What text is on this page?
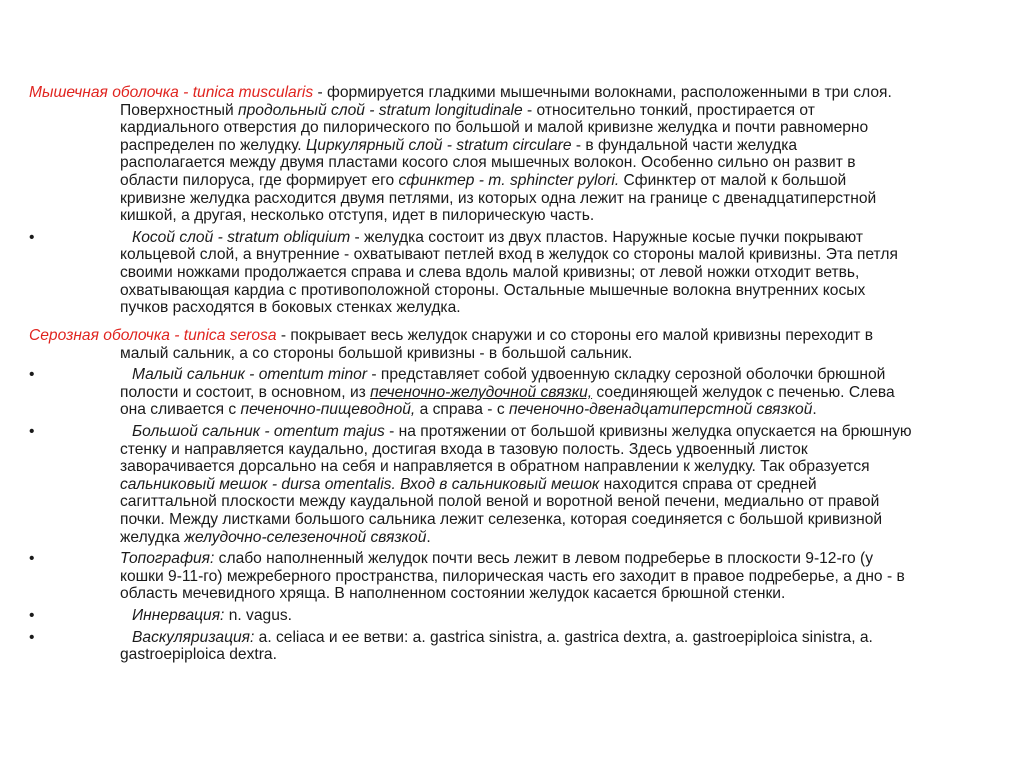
Мышечная оболочка - tunica muscularis - формируется гладкими мышечными волокнами, расположенными в три слоя.
Поверхностный продольный слой - stratum longitudinale - относительно тонкий, простирается от
кардиального отверстия до пилорического по большой и малой кривизне желудка и почти равномерно
распределен по желудку. Циркулярный слой - stratum circulare - в фундальной части желудка
располагается между двумя пластами косого слоя мышечных волокон. Особенно сильно он развит в
области пилоруса, где формирует его сфинктер - m. sphincter pylori. Сфинктер от малой к большой
кривизне желудка расходится двумя петлями, из которых одна лежит на границе с двенадцатиперстной
кишкой, а другая, несколько отступя, идет в пилорическую часть.
•	Косой слой - stratum obliquium - желудка состоит из двух пластов. Наружные косые пучки покрывают
кольцевой слой, а внутренние - охватывают петлей вход в желудок со стороны малой кривизны. Эта петля
своими ножками продолжается справа и слева вдоль малой кривизны; от левой ножки отходит ветвь,
охватывающая кардиа с противоположной стороны. Остальные мышечные волокна внутренних косых
пучков расходятся в боковых стенках желудка.
Серозная оболочка - tunica serosa - покрывает весь желудок снаружи и со стороны его малой кривизны переходит в
малый сальник, а со стороны большой кривизны - в большой сальник.
•	Малый сальник - omentum minor - представляет собой удвоенную складку серозной оболочки брюшной
полости и состоит, в основном, из печеночно-желудочной связки, соединяющей желудок с печенью. Слева
она сливается с печеночно-пищеводной, а справа - с печеночно-двенадцатиперстной связкой.
•	Большой сальник - omentum majus - на протяжении от большой кривизны желудка опускается на брюшную
стенку и направляется каудально, достигая входа в тазовую полость. Здесь удвоенный листок
заворачивается дорсально на себя и направляется в обратном направлении к желудку. Так образуется
сальниковый мешок - dursa omentalis. Вход в сальниковый мешок находится справа от средней
сагиттальной плоскости между каудальной полой веной и воротной веной печени, медиально от правой
почки. Между листками большого сальника лежит селезенка, которая соединяется с большой кривизной
желудка желудочно-селезеночной связкой.
•	Топография: слабо наполненный желудок почти весь лежит в левом подреберье в плоскости 9-12-го (у
кошки 9-11-го) межреберного пространства, пилорическая часть его заходит в правое подреберье, а дно - в
область мечевидного хряща. В наполненном состоянии желудок касается брюшной стенки.
•	Иннервация: n. vagus.
•	Васкуляризация: a. celiaca и ее ветви: a. gastrica sinistra, a. gastrica dextra, a. gastroepiploica sinistra, a.
gastroepiploica dextra.
